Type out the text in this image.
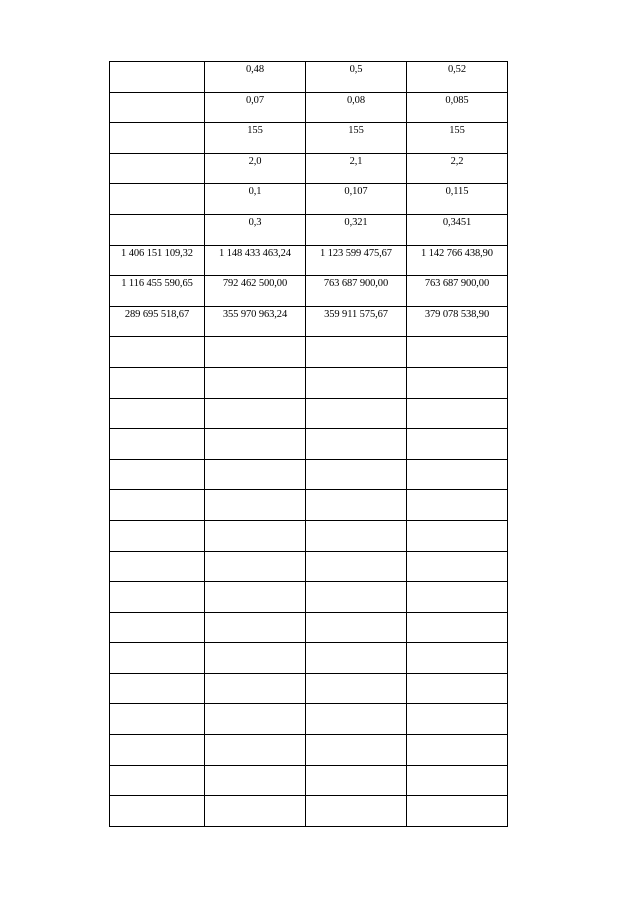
	0,48	0,5	0,52

	0,07	0,08	0,085

	155	155	155

	2,0	2,1	2,2

	0,1	0,107	0,115

	0,3	0,321	0,3451

1 406 151 109,32	1 148 433 463,24	1 123 599 475,67	1 142 766 438,90

1 116 455 590,65	792 462 500,00	763 687 900,00	763 687 900,00

289 695 518,67	355 970 963,24	359 911 575,67	379 078 538,90
